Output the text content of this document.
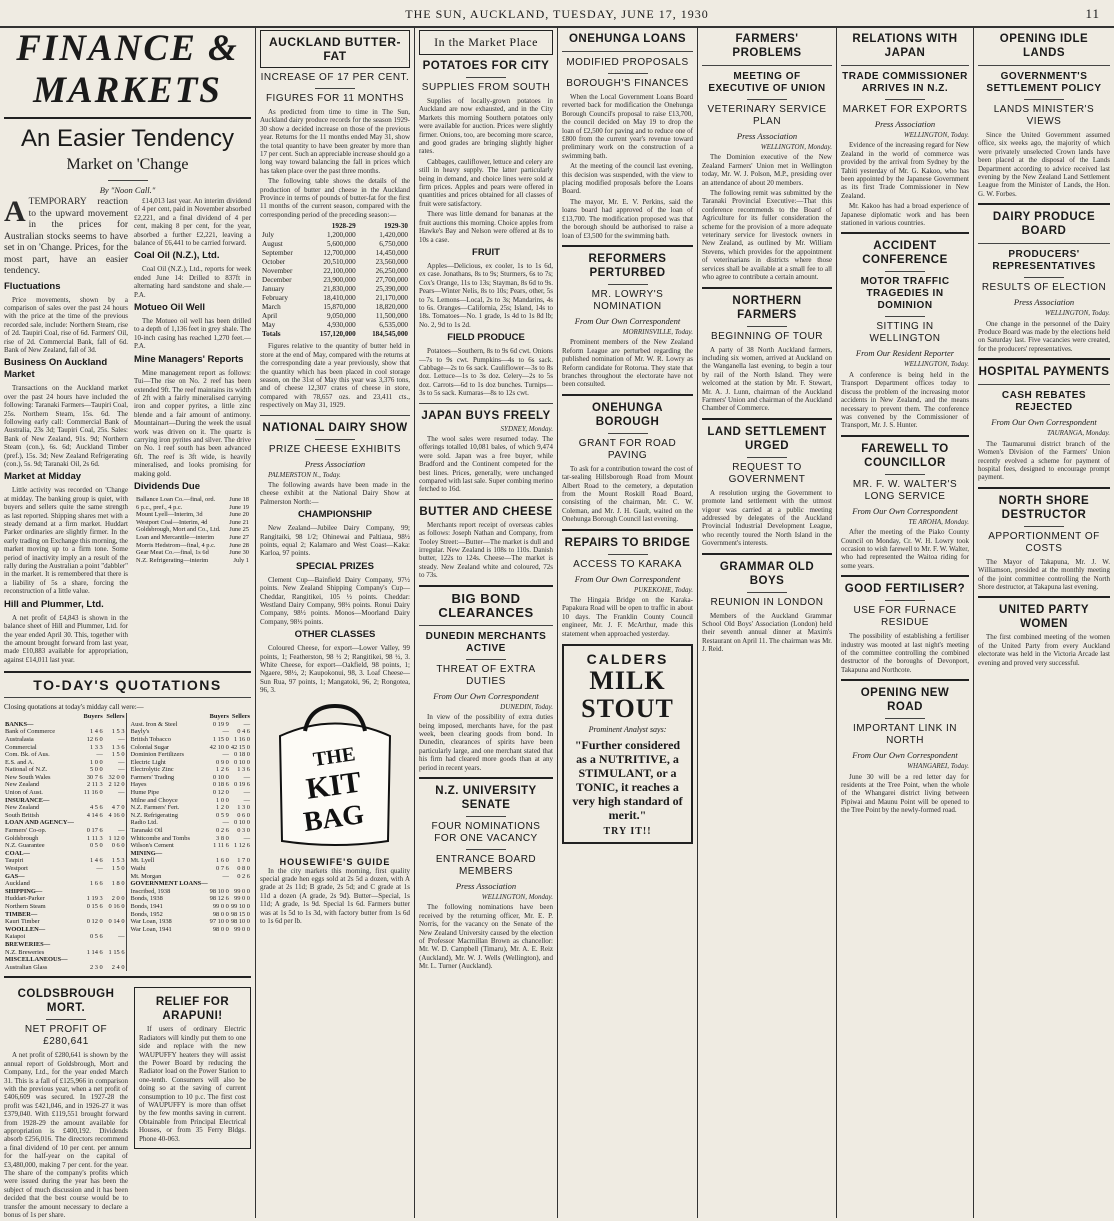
THE SUN, AUCKLAND, TUESDAY, JUNE 17, 1930	11
FINANCE & MARKETS
An Easier Tendency
Market on 'Change
By "Noon Call."
ATEMPORARY reaction to the upward movement in the prices for Australian stocks seems to have set in on 'Change. Prices, for the most part, have an easier tendency.
Fluctuations
Price movements, shown by a comparison of sales over the past 24 hours with the price at the time of the previous recorded sale, include: Northern Steam, rise of 2d. Taupiri Coal, rise of 6d. Farmers' Oil, rise of 2d. Commercial Bank, fall of 6d. Bank of New Zealand, fall of 3d.
Business On Auckland Market
Transactions on the Auckland market over the past 24 hours have included the following: Taranaki Farmers—Taupiri Coal, 25s. Northern Steam, 15s. 6d. The following early call: Commercial Bank of Australia, 23s 3d; Taupiri Coal, 25s. Sales: Bank of New Zealand, 91s. 9d; Northern Steam (con.), 6s. 6d; Auckland Timber (pref.), 15s. 3d; New Zealand Refrigerating (con.), 5s. 9d; Taranaki Oil, 2s 6d.
Market at Midday
Little activity was recorded on 'Change at midday. The banking group is quiet, with buyers and sellers quite the same strength as last reported. Shipping shares met with a steady demand at a firm market. Huddart Parker ordinaries are slightly firmer. In the early trading on Exchange this morning, the market moving up to a firm tone. Some period of inactivity imply an a result of the rally during the Australian a point "dabbler" in the market. It is remembered that there is a liability of 5s a share, forcing the reconstruction of a little value.
Hill and Plummer, Ltd.
A net profit of £4,843 is shown in the balance sheet of Hill and Plummer, Ltd. for the year ended April 30. This, together with the amount brought forward from last year, made £10,883 available for appropriation, against £14,011 last year.
£14,013 last year. An interim dividend of 4 per cent, paid in November absorbed £2,221, and a final dividend of 4 per cent, making 8 per cent, for the year, absorbed a further £2,221, leaving a balance of £6,441 to be carried forward.
Coal Oil (N.Z.), Ltd.
Coal Oil (N.Z.), Ltd., reports for week ended June 14: Drilled to 837ft in alternating hard sandstone and shale.—P.A.
Motueo Oil Well
The Motueo oil well has been drilled to a depth of 1,136 feet in grey shale. The 10-inch casing has reached 1,270 feet.—P.A.
Mine Managers' Reports
Mine management report as follows: Tui—The rise on No. 2 reef has been extended 9ft. The reef maintains its width of 2ft with a fairly mineralised carrying iron and copper pyrites, a little zinc blende and a fair amount of antimony. Mountainart—During the week the usual work was driven on it. The quartz is carrying iron pyrites and silver. The drive on No. 1 reef south has been advanced 6ft. The reef is 3ft wide, is heavily mineralised, and looks promising for making gold.
Dividends Due
Ballance Loan Co.—final, ord.	June 18
6 p.c., pref., 4 p.c.	June 19
Mount Lyell—Interim, 3d	June 20
Westport Coal—Interim, 4d	June 21
Goldsbrough, Mort and Co., Ltd.	June 25
Loan and Mercantile—interim	June 27
Morris Hedstrom—final, 4 p.c.	June 28
Gear Meat Co.—final, 1s 6d	June 30
N.Z. Refrigerating—interim	July 1
TO-DAY'S QUOTATIONS
Closing quotations at today's midday call were:—
	Buyers	Sellers
BANKS—		
Bank of Commerce	1 4 6	1 5 3
Australasia	12 6 0	—
Commercial	1 3 3	1 3 6
Com. Bk. of Aus.	—	1 5 0
E.S. and A.	1 0 0	—
National of N.Z.	5 0 0	—
New South Wales	30 7 6	32 0 0
New Zealand	2 11 3	2 12 0
Union of Aust.	11 16 0	—
INSURANCE—		
New Zealand	4 5 6	4 7 0
South British	4 14 6	4 16 0
LOAN AND AGENCY—		
Farmers' Co-op.	0 17 6	—
Goldsbrough	1 11 3	1 12 0
N.Z. Guarantee	0 5 0	0 6 0
COAL—		
Taupiri	1 4 6	1 5 3
Westport	—	1 5 0
GAS—		
Auckland	1 6 6	1 8 0
SHIPPING—		
Huddart-Parker	1 19 3	2 0 0
Northern Steam	0 15 6	0 16 0
TIMBER—		
Kauri Timber	0 12 0	0 14 0
WOOLLEN—		
Kaiapoi	0 5 6	—
BREWERIES—		
N.Z. Breweries	1 14 6	1 15 6
MISCELLANEOUS—		
Australian Glass	2 3 0	2 4 0

	Buyers	Sellers
Aust. Iron & Steel	0 19 9	—
Bayly's	—	0 4 6
British Tobacco	1 15 0	1 16 0
Colonial Sugar	42 10 0	42 15 0
Dominion Fertilizers	—	0 18 0
Electric Light	0 9 0	0 10 0
Electrolytic Zinc	1 2 6	1 3 6
Farmers' Trading	0 10 0	—
Hayes	0 18 6	0 19 6
Hume Pipe	0 12 0	—
Milne and Choyce	1 0 0	—
N.Z. Farmers' Fert.	1 2 0	1 3 0
N.Z. Refrigerating	0 5 9	0 6 0
Radio Ltd.	—	0 10 0
Taranaki Oil	0 2 6	0 3 0
Whitcombe and Tombs	3 8 0	—
Wilson's Cement	1 11 6	1 12 6
MINING—		
Mt. Lyell	1 6 0	1 7 0
Waihi	0 7 6	0 8 0
Mt. Morgan	—	0 2 6
GOVERNMENT LOANS—		
Inscribed, 1938	98 10 0	99 0 0
Bonds, 1938	98 12 6	99 0 0
Bonds, 1941	99 0 0	99 10 0
Bonds, 1952	98 0 0	98 15 0
War Loan, 1938	97 10 0	98 10 0
War Loan, 1941	98 0 0	99 0 0
COLDSBROUGH MORT.
NET PROFIT OF £280,641
A net profit of £280,641 is shown by the annual report of Goldsbrough, Mort and Company, Ltd., for the year ended March 31. This is a fall of £125,966 in comparison with the previous year, when a net profit of £406,609 was secured. In 1927-28 the profit was £421,046, and in 1926-27 it was £379,040. With £119,551 brought forward from 1928-29 the amount available for appropriation is £400,192. Dividends absorb £256,016. The directors recommend a final dividend of 10 per cent. per annum for the half-year on the capital of £3,480,000, making 7 per cent. for the year. The share of the company's profits which were issued during the year has been the subject of much discussion and it has been decided that the best course would be to transfer the amount necessary to declare a bonus of 1s per share.
RELIEF FOR ARAPUNI!
If users of ordinary Electric Radiators will kindly put them to one side and replace with the new WAUPUFFY heaters they will assist the Power Board by reducing the Radiator load on the Power Station to one-tenth. Consumers will also be doing so at the saving of current consumption to 10 p.c. The first cost of WAUPUFFY is more than offset by the few months saving in current. Obtainable from Principal Electrical Houses, or from 35 Ferry Bldgs. Phone 40-063.
AUCKLAND BUTTER-FAT
INCREASE OF 17 PER CENT.
FIGURES FOR 11 MONTHS
As predicted from time to time in The Sun, Auckland dairy produce records for the season 1929-30 show a decided increase on those of the previous year. Returns for the 11 months ended May 31, show the total quantity to have been greater by more than 17 per cent. Such an appreciable increase should go a long way toward balancing the fall in prices which has taken place over the past three months.
The following table shows the details of the production of butter and cheese in the Auckland Province in terms of pounds of butter-fat for the first 11 months of the current season, compared with the corresponding period of the preceding season:—
	1928-29	1929-30
July	1,200,000	1,420,000
August	5,600,000	6,750,000
September	12,700,000	14,450,000
October	20,510,000	23,560,000
November	22,100,000	26,250,000
December	23,900,000	27,700,000
January	21,830,000	25,390,000
February	18,410,000	21,170,000
March	15,870,000	18,820,000
April	9,050,000	11,500,000
May	4,930,000	6,535,000
Totals	157,120,000	184,545,000
Figures relative to the quantity of butter held in store at the end of May, compared with the returns at the corresponding date a year previously, show that the quantity which has been placed in cool storage season, on the 31st of May this year was 3,376 tons, and of cheese 12,307 crates of cheese in store, compared with 78,657 ozs. and 23,411 cts., respectively on May 31, 1929.
NATIONAL DAIRY SHOW
PRIZE CHEESE EXHIBITS
Press Association
PALMERSTON N., Today.
The following awards have been made in the cheese exhibit at the National Dairy Show at Palmerston North:—
CHAMPIONSHIP
New Zealand—Jubilee Dairy Company, 99; Rangitaiki, 98 1/2; Ohinewai and Paltiaua, 98½ points, equal 2; Kalamaro and West Coast—Kaka: Karloa, 97 points.
SPECIAL PRIZES
Clement Cup—Bainfield Dairy Company, 97½ points. New Zealand Shipping Company's Cup—Cheddar, Rangitikei, 105 ½ points. Cheddar: Westland Dairy Company, 98½ points. Ronui Dairy Company, 98½ points. Monos—Moorland Dairy Company, 98½ points.
OTHER CLASSES
Coloured Cheese, for export—Lower Valley, 99 points, 1; Featherston, 98 ½ 2; Rangitikei, 98 ½, 3. White Cheese, for export—Oakfield, 98 points, 1; Ngaere, 98½, 2; Kaupokonui, 98, 3. Loaf Cheese—Sun Rua, 97 points, 1; Mangatoki, 96, 2; Rongotea, 96, 3.
THE
KIT
BAG
HOUSEWIFE'S GUIDE
In the city markets this morning, first quality special grade hen eggs sold at 2s 5d a dozen, with A grade at 2s 11d; B grade, 2s 5d; and C grade at 1s 11d a dozen (A grade, 2s 9d). Butter—Special, 1s 11d; A grade, 1s 9d. Special 1s 6d. Farmers butter was at 1s 5d to 1s 3d, with factory butter from 1s 6d to 1s 6d per lb.
In the Market Place
POTATOES FOR CITY
SUPPLIES FROM SOUTH
Supplies of locally-grown potatoes in Auckland are now exhausted, and in the City Markets this morning Southern potatoes only were available for auction. Prices were slightly firmer. Onions, too, are becoming more scarce, and good grades are bringing slightly higher rates.
Cabbages, cauliflower, lettuce and celery are still in heavy supply. The latter particularly being in demand, and choice lines were sold at firm prices. Apples and pears were offered in quantities and prices obtained for all classes of fruit were satisfactory.
There was little demand for bananas at the fruit auctions this morning. Choice apples from Hawke's Bay and Nelson were offered at 8s to 10s a case.
FRUIT
Apples—Delicious, ex cooler, 1s to 1s 6d, ex case. Jonathans, 8s to 9s; Sturmers, 6s to 7s; Cox's Orange, 11s to 13s; Stayman, 8s 6d to 9s. Pears—Winter Nelis, 8s to 10s; Pears, other, 5s to 7s. Lemons—Local, 2s to 3s; Mandarins, 4s to 6s. Oranges—California, 25s; Island, 14s to 18s. Tomatoes—No. 1 grade, 1s 4d to 1s 8d lb; No. 2, 9d to 1s 2d.
FIELD PRODUCE
Potatoes—Southern, 8s to 9s 6d cwt. Onions—7s to 9s cwt. Pumpkins—4s to 6s sack. Cabbage—2s to 6s sack. Cauliflower—3s to 8s doz. Lettuce—1s to 3s doz. Celery—2s to 5s doz. Carrots—6d to 1s doz bunches. Turnips—3s to 5s sack. Kumaras—8s to 12s cwt.
JAPAN BUYS FREELY
SYDNEY, Monday.
The wool sales were resumed today. The offerings totalled 10,081 bales, of which 9,474 were sold. Japan was a free buyer, while Bradford and the Continent competed for the best lines. Prices, generally, were unchanged compared with last sale. Super combing merino fetched to 16d.
BUTTER AND CHEESE
Merchants report receipt of overseas cables as follows: Joseph Nathan and Company, from Tooley Street:—Butter—The market is dull and irregular. New Zealand is 108s to 110s. Danish butter, 122s to 124s. Cheese—The market is steady. New Zealand white and coloured, 72s to 73s.
BIG BOND CLEARANCES
DUNEDIN MERCHANTS ACTIVE
THREAT OF EXTRA DUTIES
From Our Own Correspondent
DUNEDIN, Today.
In view of the possibility of extra duties being imposed, merchants have, for the past week, been clearing goods from bond. In Dunedin, clearances of spirits have been particularly large, and one merchant stated that his firm had cleared more goods than at any period in recent years.
N.Z. UNIVERSITY SENATE
FOUR NOMINATIONS FOR ONE VACANCY
ENTRANCE BOARD MEMBERS
Press Association
WELLINGTON, Monday.
The following nominations have been received by the returning officer, Mr. E. P. Norris, for the vacancy on the Senate of the New Zealand University caused by the election of Professor Macmillan Brown as chancellor: Mr. W. D. Campbell (Timaru), Mr. A. E. Reiz (Auckland), Mr. W. J. Wells (Wellington), and Mr. L. Turner (Auckland).
ONEHUNGA LOANS
MODIFIED PROPOSALS
BOROUGH'S FINANCES
When the Local Government Loans Board reverted back for modification the Onehunga Borough Council's proposal to raise £13,700, the council decided on May 19 to drop the loan of £2,500 for paving and to reduce one of £800 from the current year's revenue toward preliminary work on the construction of a swimming bath.
At the meeting of the council last evening, this decision was suspended, with the view to placing modified proposals before the Loans Board.
The mayor, Mr. E. V. Perkins, said the loans board had approved of the loan of £13,700. The modification proposed was that the borough should be authorised to raise a loan of £3,500 for the swimming bath.
REFORMERS PERTURBED
MR. LOWRY'S NOMINATION
From Our Own Correspondent
MORRINSVILLE, Today.
Prominent members of the New Zealand Reform League are perturbed regarding the published nomination of Mr. W. R. Lowry as Reform candidate for Rotorua. They state that branches throughout the electorate have not been consulted.
ONEHUNGA BOROUGH
GRANT FOR ROAD PAVING
To ask for a contribution toward the cost of tar-sealing Hillsborough Road from Mount Albert Road to the cemetery, a deputation from the Mount Roskill Road Board, consisting of the chairman, Mr. C. W. Coleman, and Mr. J. H. Gault, waited on the Onehunga Borough Council last evening.
REPAIRS TO BRIDGE
ACCESS TO KARAKA
From Our Own Correspondent
PUKEKOHE, Today.
The Hingaia Bridge on the Karaka-Papakura Road will be open to traffic in about 10 days. The Franklin County Council engineer, Mr. J. F. McArthur, made this statement when approached yesterday.
CALDERS
MILK STOUT
Prominent Analyst says:
"Further considered as a NUTRITIVE, a STIMULANT, or a TONIC, it reaches a very high standard of merit."
TRY IT!!
FARMERS' PROBLEMS
MEETING OF EXECUTIVE OF UNION
VETERINARY SERVICE PLAN
Press Association
WELLINGTON, Monday.
The Dominion executive of the New Zealand Farmers' Union met in Wellington today, Mr. W. J. Polson, M.P., presiding over an attendance of about 20 members.
The following remit was submitted by the Taranaki Provincial Executive:—That this conference recommends to the Board of Agriculture for its fuller consideration the scheme for the provision of a more adequate veterinary service for livestock owners in New Zealand, as outlined by Mr. William Stevens, which provides for the appointment of veterinarians in districts where those services shall be available at a small fee to all who agree to contribute a certain amount.
NORTHERN FARMERS
BEGINNING OF TOUR
A party of 38 North Auckland farmers, including six women, arrived at Auckland on the Wanganella last evening, to begin a tour by rail of the North Island. They were welcomed at the station by Mr. F. Stewart, Mr. A. J. Lunn, chairman of the Auckland Farmers' Union and chairman of the Auckland Chamber of Commerce.
LAND SETTLEMENT URGED
REQUEST TO GOVERNMENT
A resolution urging the Government to promote land settlement with the utmost vigour was carried at a public meeting addressed by delegates of the Auckland Provincial Industrial Development League, who recently toured the North Island in the Government's interests.
GRAMMAR OLD BOYS
REUNION IN LONDON
Members of the Auckland Grammar School Old Boys' Association (London) held their seventh annual dinner at Maxim's Restaurant on April 11. The chairman was Mr. J. Reid.
RELATIONS WITH JAPAN
TRADE COMMISSIONER ARRIVES IN N.Z.
MARKET FOR EXPORTS
Press Association
WELLINGTON, Today.
Evidence of the increasing regard for New Zealand in the world of commerce was provided by the arrival from Sydney by the Tahiti yesterday of Mr. G. Kakoo, who has been appointed by the Japanese Government as its first Trade Commissioner in New Zealand.
Mr. Kakoo has had a broad experience of Japanese diplomatic work and has been stationed in various countries.
ACCIDENT CONFERENCE
MOTOR TRAFFIC TRAGEDIES IN DOMINION
SITTING IN WELLINGTON
From Our Resident Reporter
WELLINGTON, Today.
A conference is being held in the Transport Department offices today to discuss the problem of the increasing motor accidents in New Zealand, and the means necessary to prevent them. The conference was convened by the Commissioner of Transport, Mr. J. S. Hunter.
FAREWELL TO COUNCILLOR
MR. F. W. WALTER'S LONG SERVICE
From Our Own Correspondent
TE AROHA, Monday.
After the meeting of the Piako County Council on Monday, Cr. W. H. Lowry took occasion to wish farewell to Mr. F. W. Walter, who had represented the Waitoa riding for some years.
GOOD FERTILISER?
USE FOR FURNACE RESIDUE
The possibility of establishing a fertiliser industry was mooted at last night's meeting of the committee controlling the combined destructor of the boroughs of Devonport, Takapuna and Northcote.
OPENING NEW ROAD
IMPORTANT LINK IN NORTH
From Our Own Correspondent
WHANGAREI, Today.
June 30 will be a red letter day for residents at the Tree Point, when the whole of the Whangarei district living between Pipiwai and Maunu Point will be opened to the Tree Point by the newly-formed road.
OPENING IDLE LANDS
GOVERNMENT'S SETTLEMENT POLICY
LANDS MINISTER'S VIEWS
Since the United Government assumed office, six weeks ago, the majority of which were privately unselected Crown lands have been placed at the disposal of the Lands Department according to advice received last evening by the New Zealand Land Settlement League from the Minister of Lands, the Hon. G. W. Forbes.
DAIRY PRODUCE BOARD
PRODUCERS' REPRESENTATIVES
RESULTS OF ELECTION
Press Association
WELLINGTON, Today.
One change in the personnel of the Dairy Produce Board was made by the elections held on Saturday last. Five vacancies were created, for the producers' representatives.
HOSPITAL PAYMENTS
CASH REBATES REJECTED
From Our Own Correspondent
TAURANGA, Monday.
The Taumarunui district branch of the Women's Division of the Farmers' Union recently evolved a scheme for payment of hospital fees, designed to encourage prompt payment.
NORTH SHORE DESTRUCTOR
APPORTIONMENT OF COSTS
The Mayor of Takapuna, Mr. J. W. Williamson, presided at the monthly meeting of the joint committee controlling the North Shore destructor, at Takapuna last evening.
UNITED PARTY WOMEN
The first combined meeting of the women of the United Party from every Auckland electorate was held in the Victoria Arcade last evening and proved very successful.
